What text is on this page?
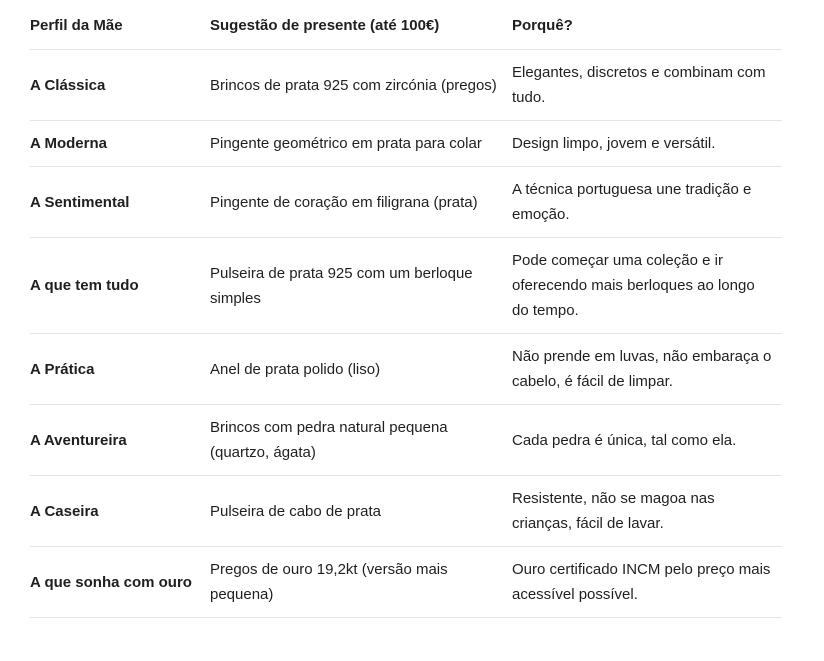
Perfil da Mãe	Sugestão de presente (até 100€)	Porquê?
A Clássica	Brincos de prata 925 com zircónia (pregos)	Elegantes, discretos e combinam com tudo.
A Moderna	Pingente geométrico em prata para colar	Design limpo, jovem e versátil.
A Sentimental	Pingente de coração em filigrana (prata)	A técnica portuguesa une tradição e emoção.
A que tem tudo	Pulseira de prata 925 com um berloque simples	Pode começar uma coleção e ir oferecendo mais berloques ao longo do tempo.
A Prática	Anel de prata polido (liso)	Não prende em luvas, não embaraça o cabelo, é fácil de limpar.
A Aventureira	Brincos com pedra natural pequena (quartzo, ágata)	Cada pedra é única, tal como ela.
A Caseira	Pulseira de cabo de prata	Resistente, não se magoa nas crianças, fácil de lavar.
A que sonha com ouro	Pregos de ouro 19,2kt (versão mais pequena)	Ouro certificado INCM pelo preço mais acessível possível.
